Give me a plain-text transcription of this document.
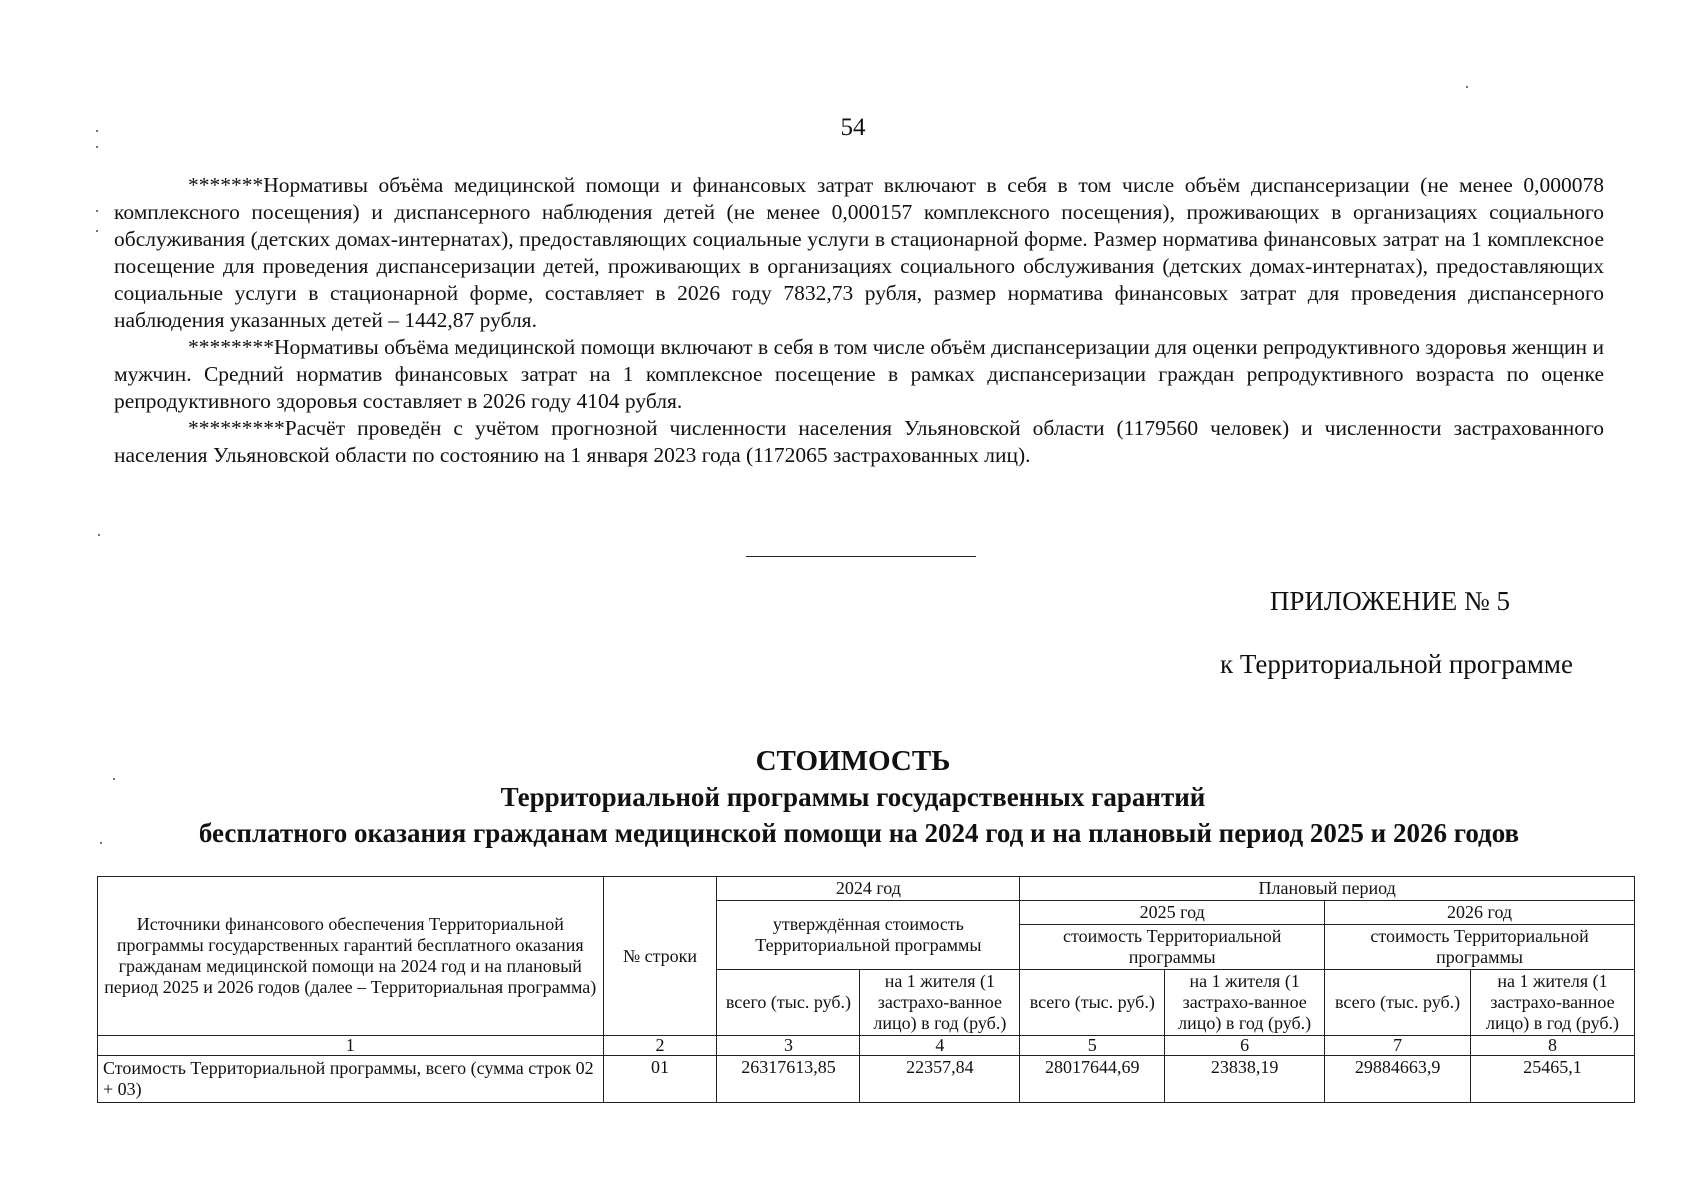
54

*******Нормативы объёма медицинской помощи и финансовых затрат включают в себя в том числе объём диспансеризации (не менее 0,000078 комплексного посещения) и диспансерного наблюдения детей (не менее 0,000157 комплексного посещения), проживающих в организациях социального обслуживания (детских домах-интернатах), предоставляющих социальные услуги в стационарной форме. Размер норматива финансовых затрат на 1 комплексное посещение для проведения диспансеризации детей, проживающих в организациях социального обслуживания (детских домах-интернатах), предоставляющих социальные услуги в стационарной форме, составляет в 2026 году 7832,73 рубля, размер норматива финансовых затрат для проведения диспансерного наблюдения указанных детей – 1442,87 рубля.

********Нормативы объёма медицинской помощи включают в себя в том числе объём диспансеризации для оценки репродуктивного здоровья женщин и мужчин. Средний норматив финансовых затрат на 1 комплексное посещение в рамках диспансеризации граждан репродуктивного возраста по оценке репродуктивного здоровья составляет в 2026 году 4104 рубля.

*********Расчёт проведён с учётом прогнозной численности населения Ульяновской области (1179560 человек) и численности застрахованного населения Ульяновской области по состоянию на 1 января 2023 года (1172065 застрахованных лиц).

ПРИЛОЖЕНИЕ № 5
к Территориальной программе
СТОИМОСТЬ
Территориальной программы государственных гарантий
бесплатного оказания гражданам медицинской помощи на 2024 год и на плановый период 2025 и 2026 годов
Источники финансового обеспечения Территориальной программы государственных гарантий бесплатного оказания гражданам медицинской помощи на 2024 год и на плановый период 2025 и 2026 годов (далее – Территориальная программа)	№ строки	2024 год		Плановый период			
		утверждённая стоимость Территориальной программы		2025 год		2026 год	
				стоимость Территориальной программы		стоимость Территориальной программы	
		всего (тыс. руб.)	на 1 жителя (1 застрахо-ванное лицо) в год (руб.)	всего (тыс. руб.)	на 1 жителя (1 застрахо-ванное лицо) в год (руб.)	всего (тыс. руб.)	на 1 жителя (1 застрахо-ванное лицо) в год (руб.)
1	2	3	4	5	6	7	8
Стоимость Территориальной программы, всего (сумма строк 02 + 03)	01	26317613,85	22357,84	28017644,69	23838,19	29884663,9	25465,1
